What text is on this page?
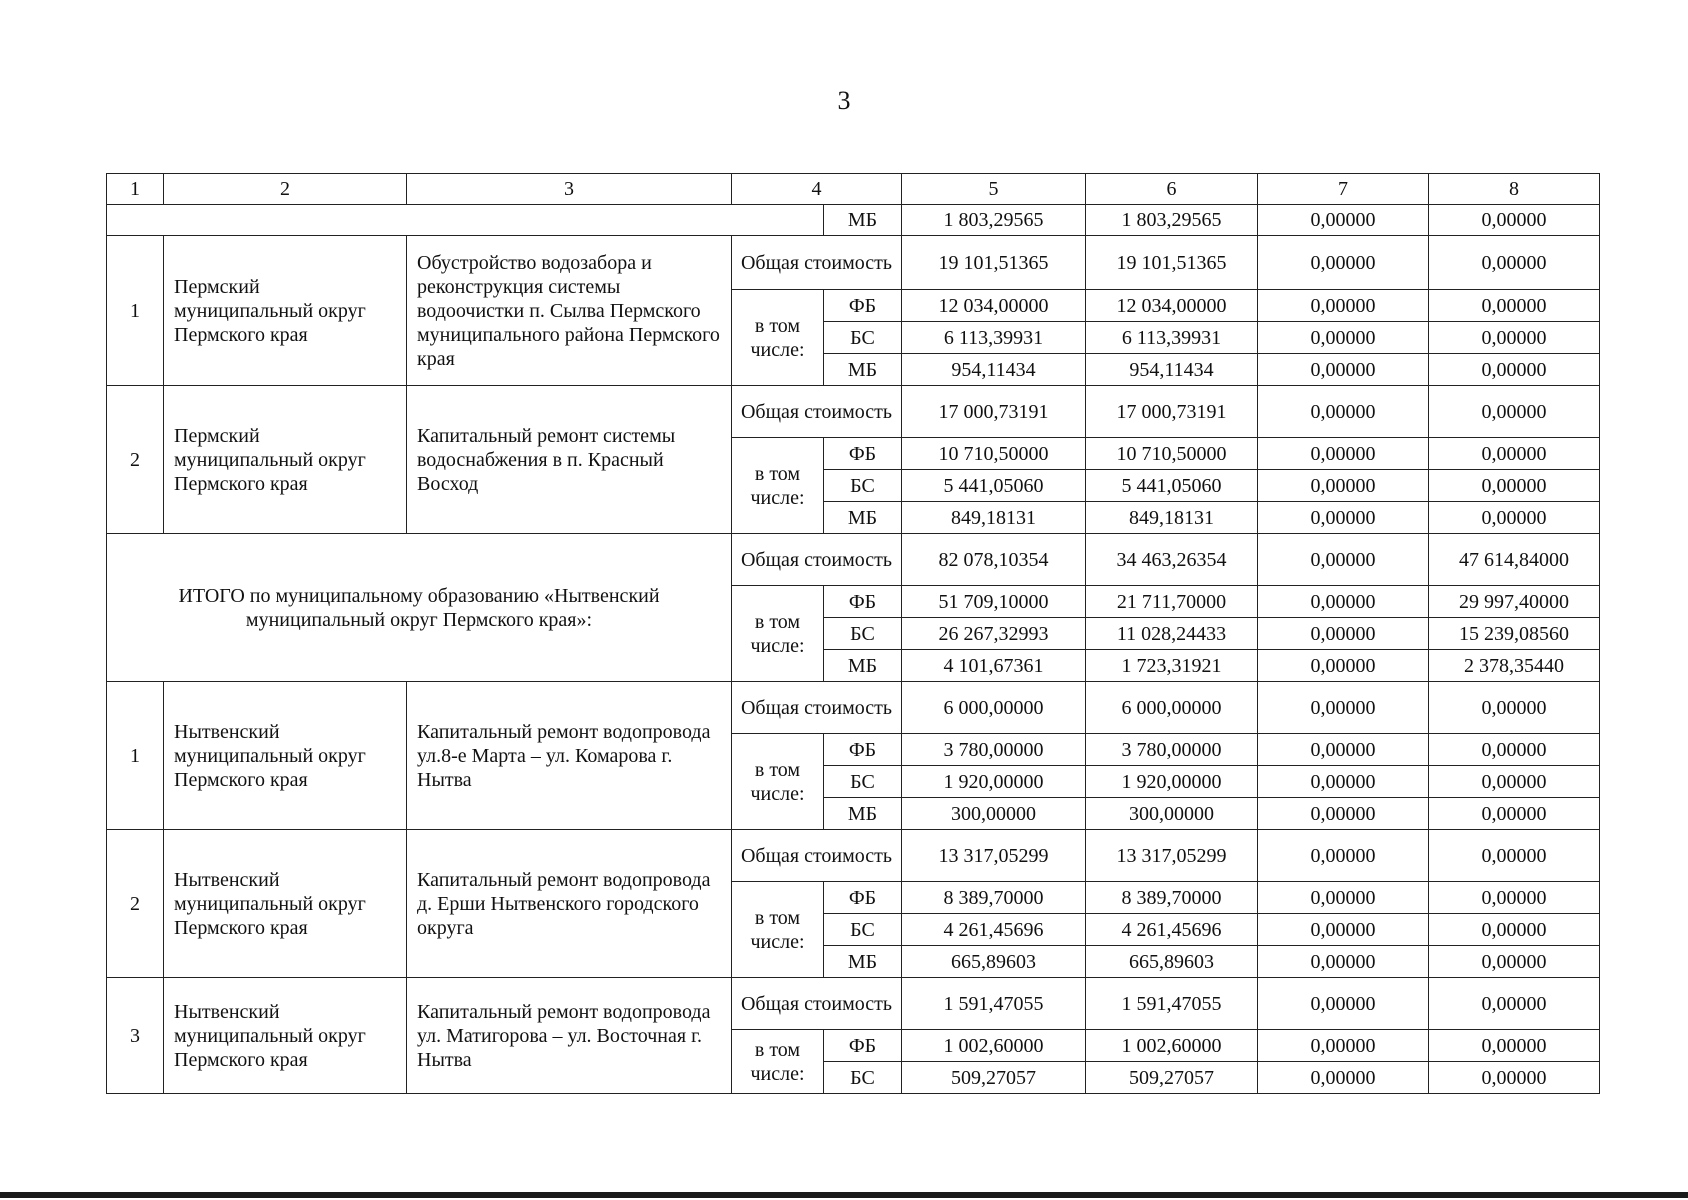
3
1	2	3	4		5	6	7	8
				МБ	1 803,29565	1 803,29565	0,00000	0,00000
1	Пермский муниципальный округ Пермского края	Обустройство водозабора и реконструкция системы водоочистки п. Сылва Пермского муниципального района Пермского края	Общая стоимость		19 101,51365	19 101,51365	0,00000	0,00000
			в том числе:	ФБ	12 034,00000	12 034,00000	0,00000	0,00000
				БС	6 113,39931	6 113,39931	0,00000	0,00000
				МБ	954,11434	954,11434	0,00000	0,00000
2	Пермский муниципальный округ Пермского края	Капитальный ремонт системы водоснабжения в п. Красный Восход	Общая стоимость		17 000,73191	17 000,73191	0,00000	0,00000
			в том числе:	ФБ	10 710,50000	10 710,50000	0,00000	0,00000
				БС	5 441,05060	5 441,05060	0,00000	0,00000
				МБ	849,18131	849,18131	0,00000	0,00000
ИТОГО по муниципальному образованию «Нытвенский муниципальный округ Пермского края»:			Общая стоимость		82 078,10354	34 463,26354	0,00000	47 614,84000
			в том числе:	ФБ	51 709,10000	21 711,70000	0,00000	29 997,40000
				БС	26 267,32993	11 028,24433	0,00000	15 239,08560
				МБ	4 101,67361	1 723,31921	0,00000	2 378,35440
1	Нытвенский муниципальный округ Пермского края	Капитальный ремонт водопровода ул.8-е Марта – ул. Комарова г. Нытва	Общая стоимость		6 000,00000	6 000,00000	0,00000	0,00000
			в том числе:	ФБ	3 780,00000	3 780,00000	0,00000	0,00000
				БС	1 920,00000	1 920,00000	0,00000	0,00000
				МБ	300,00000	300,00000	0,00000	0,00000
2	Нытвенский муниципальный округ Пермского края	Капитальный ремонт водопровода д. Ерши Нытвенского городского округа	Общая стоимость		13 317,05299	13 317,05299	0,00000	0,00000
			в том числе:	ФБ	8 389,70000	8 389,70000	0,00000	0,00000
				БС	4 261,45696	4 261,45696	0,00000	0,00000
				МБ	665,89603	665,89603	0,00000	0,00000
3	Нытвенский муниципальный округ Пермского края	Капитальный ремонт водопровода ул. Матигорова – ул. Восточная г. Нытва	Общая стоимость		1 591,47055	1 591,47055	0,00000	0,00000
			в том числе:	ФБ	1 002,60000	1 002,60000	0,00000	0,00000
				БС	509,27057	509,27057	0,00000	0,00000
